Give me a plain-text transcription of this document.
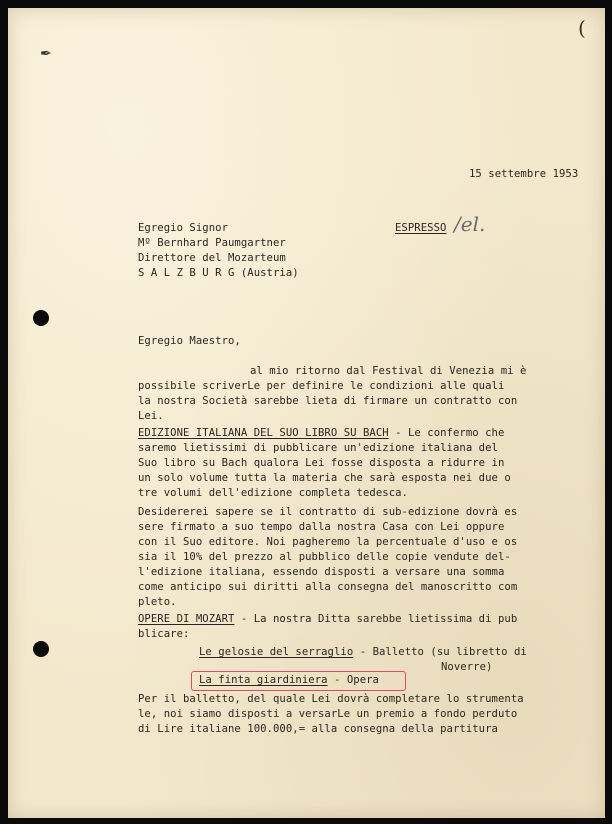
(
✒
15 settembre 1953
Egregio Signor
Mº Bernhard Paumgartner
Direttore del Mozarteum
S A L Z B U R G (Austria)
ESPRESSO /el.
Egregio Maestro,
al mio ritorno dal Festival di Venezia mi è
possibile scriverLe per definire le condizioni alle quali
la nostra Società sarebbe lieta di firmare un contratto con
Lei.
EDIZIONE ITALIANA DEL SUO LIBRO SU BACH - Le confermo che
saremo lietissimi di pubblicare un'edizione italiana del
Suo libro su Bach qualora Lei fosse disposta a ridurre in
un solo volume tutta la materia che sarà esposta nei due o
tre volumi dell'edizione completa tedesca.
Desidererei sapere se il contratto di sub-edizione dovrà es
sere firmato a suo tempo dalla nostra Casa con Lei oppure
con il Suo editore. Noi pagheremo la percentuale d'uso e os
sia il 10% del prezzo al pubblico delle copie vendute del-
l'edizione italiana, essendo disposti a versare una somma
come anticipo sui diritti alla consegna del manoscritto com
pleto.
OPERE DI MOZART - La nostra Ditta sarebbe lietissima di pub
blicare:
Le gelosie del serraglio - Balletto (su libretto di
Noverre)
La finta giardiniera - Opera
Per il balletto, del quale Lei dovrà completare lo strumenta
le, noi siamo disposti a versarLe un premio a fondo perduto
di Lire italiane 100.000,= alla consegna della partitura
